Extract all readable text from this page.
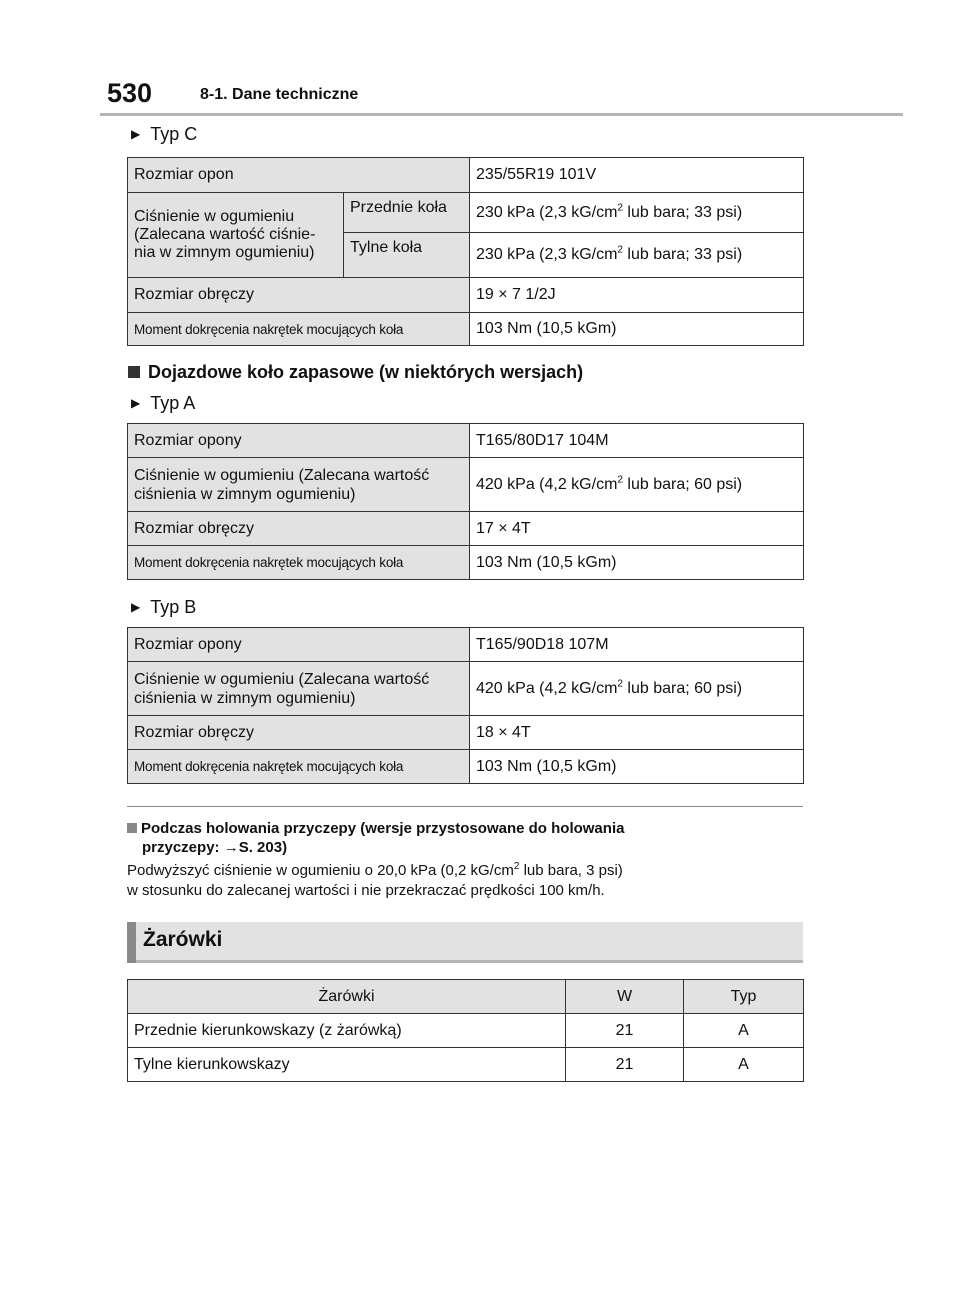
530	8-1. Dane techniczne
▶ Typ C
Rozmiar opon		235/55R19 101V
Ciśnienie w ogumieniu (Zalecana wartość ciśnie- nia w zimnym ogumieniu)	Przednie koła	230 kPa (2,3 $kG/cm^2$ lub bara; 33 psi)
	Tylne koła	230 kPa (2,3 $kG/cm^2$ lub bara; 33 psi)
Rozmiar obręczy		19 × 7 1/2J
Moment dokręcenia nakrętek mocujących koła		103 Nm (10,5 kGm)
Dojazdowe koło zapasowe (w niektórych wersjach)
▶ Typ A
Rozmiar opony	T165/80D17 104M
Ciśnienie w ogumieniu (Zalecana wartość ciśnienia w zimnym ogumieniu)	420 kPa (4,2 $kG/cm^2$ lub bara; 60 psi)
Rozmiar obręczy	17 × 4T
Moment dokręcenia nakrętek mocujących koła	103 Nm (10,5 kGm)
▶ Typ B
Rozmiar opony	T165/90D18 107M
Ciśnienie w ogumieniu (Zalecana wartość ciśnienia w zimnym ogumieniu)	420 kPa (4,2 $kG/cm^2$ lub bara; 60 psi)
Rozmiar obręczy	18 × 4T
Moment dokręcenia nakrętek mocujących koła	103 Nm (10,5 kGm)
Podczas holowania przyczepy (wersje przystosowane do holowania
przyczepy: →S. 203)
Podwyższyć ciśnienie w ogumieniu o 20,0 kPa (0,2 $kG/cm^2$ lub bara, 3 psi)
w stosunku do zalecanej wartości i nie przekraczać prędkości 100 km/h.
Żarówki
Żarówki	W	Typ
Przednie kierunkowskazy (z żarówką)	21	A
Tylne kierunkowskazy	21	A
